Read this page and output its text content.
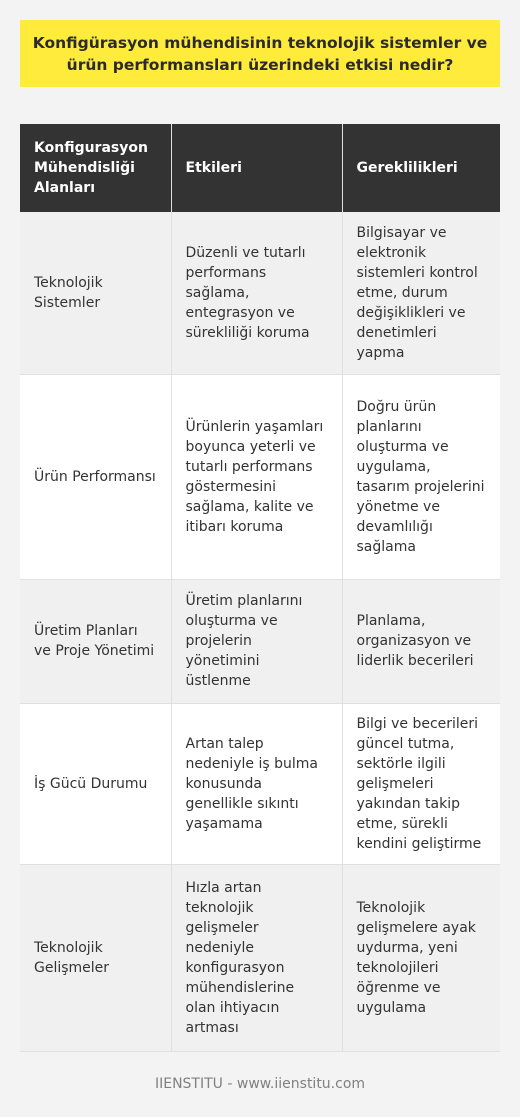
Konfigürasyon mühendisinin teknolojik sistemler ve ürün performansları üzerindeki etkisi nedir?
Konfigurasyon Mühendisliği Alanları	Etkileri	Gereklilikleri
Teknolojik Sistemler	Düzenli ve tutarlı performans sağlama, entegrasyon ve sürekliliği koruma	Bilgisayar ve elektronik sistemleri kontrol etme, durum değişiklikleri ve denetimleri yapma
Ürün Performansı	Ürünlerin yaşamları boyunca yeterli ve tutarlı performans göstermesini sağlama, kalite ve itibarı koruma	Doğru ürün planlarını oluşturma ve uygulama, tasarım projelerini yönetme ve devamlılığı sağlama
Üretim Planları ve Proje Yönetimi	Üretim planlarını oluşturma ve projelerin yönetimini üstlenme	Planlama, organizasyon ve liderlik becerileri
İş Gücü Durumu	Artan talep nedeniyle iş bulma konusunda genellikle sıkıntı yaşamama	Bilgi ve becerileri güncel tutma, sektörle ilgili gelişmeleri yakından takip etme, sürekli kendini geliştirme
Teknolojik Gelişmeler	Hızla artan teknolojik gelişmeler nedeniyle konfigurasyon mühendislerine olan ihtiyacın artması	Teknolojik gelişmelere ayak uydurma, yeni teknolojileri öğrenme ve uygulama
IIENSTITU - www.iienstitu.com
